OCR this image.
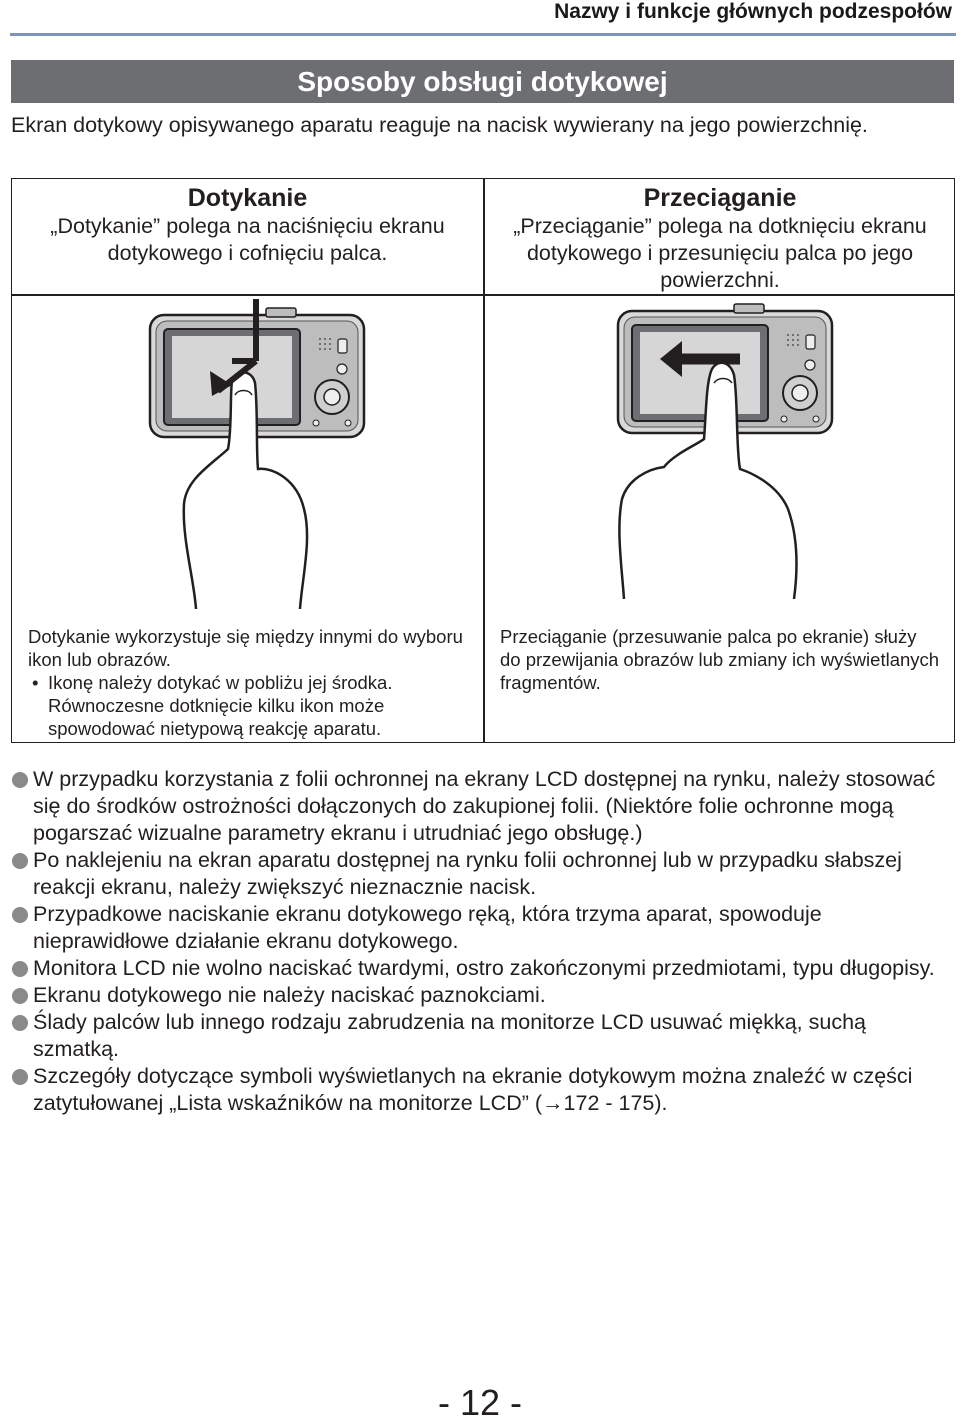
Nazwy i funkcje głównych podzespołów
Sposoby obsługi dotykowej
Ekran dotykowy opisywanego aparatu reaguje na nacisk wywierany na jego powierzchnię.
Dotykanie
„Dotykanie” polega na naciśnięciu ekranu dotykowego i cofnięciu palca.
Dotykanie wykorzystuje się między innymi do wyboru ikon lub obrazów.
• Ikonę należy dotykać w pobliżu jej środka. Równoczesne dotknięcie kilku ikon może spowodować nietypową reakcję aparatu.
Przeciąganie
„Przeciąganie” polega na dotknięciu ekranu dotykowego i przesunięciu palca po jego powierzchni.
Przeciąganie (przesuwanie palca po ekranie) służy do przewijania obrazów lub zmiany ich wyświetlanych fragmentów.
W przypadku korzystania z folii ochronnej na ekrany LCD dostępnej na rynku, należy stosować się do środków ostrożności dołączonych do zakupionej folii. (Niektóre folie ochronne mogą pogarszać wizualne parametry ekranu i utrudniać jego obsługę.)
Po naklejeniu na ekran aparatu dostępnej na rynku folii ochronnej lub w przypadku słabszej reakcji ekranu, należy zwiększyć nieznacznie nacisk.
Przypadkowe naciskanie ekranu dotykowego ręką, która trzyma aparat, spowoduje nieprawidłowe działanie ekranu dotykowego.
Monitora LCD nie wolno naciskać twardymi, ostro zakończonymi przedmiotami, typu długopisy.
Ekranu dotykowego nie należy naciskać paznokciami.
Ślady palców lub innego rodzaju zabrudzenia na monitorze LCD usuwać miękką, suchą szmatką.
Szczegóły dotyczące symboli wyświetlanych na ekranie dotykowym można znaleźć w części zatytułowanej „Lista wskaźników na monitorze LCD” (→172 - 175).
- 12 -
